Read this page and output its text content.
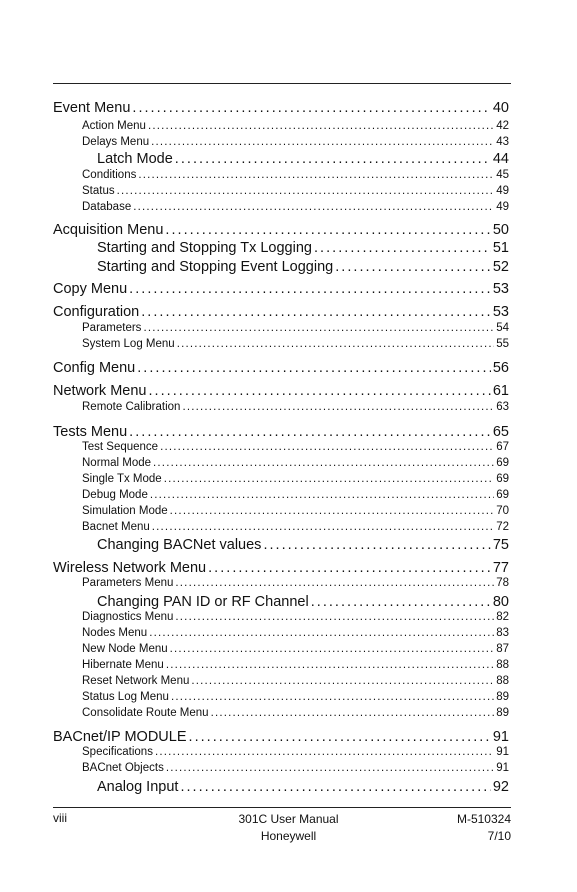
Event Menu . . .	40
Action Menu . . .	42
Delays Menu . . .	43
Latch Mode . . .	44
Conditions . . .	45
Status . . .	49
Database . . .	49
Acquisition Menu . . .	50
Starting and Stopping Tx Logging . . .	51
Starting and Stopping Event Logging . . .	52
Copy Menu . . .	53
Configuration . . .	53
Parameters . . .	54
System Log Menu . . .	55
Config Menu . . .	56
Network Menu . . .	61
Remote Calibration . . .	63
Tests Menu . . .	65
Test Sequence . . .	67
Normal Mode . . .	69
Single Tx Mode . . .	69
Debug Mode . . .	69
Simulation Mode . . .	70
Bacnet Menu . . .	72
Changing BACNet values . . .	75
Wireless Network Menu . . .	77
Parameters Menu . . .	78
Changing PAN ID or RF Channel . . .	80
Diagnostics Menu . . .	82
Nodes Menu . . .	83
New Node Menu . . .	87
Hibernate Menu . . .	88
Reset Network Menu . . .	88
Status Log Menu . . .	89
Consolidate Route Menu . . .	89
BACnet/IP MODULE . . .	91
Specifications . . .	91
BACnet Objects . . .	91
Analog Input . . .	92
viii	301C User Manual
Honeywell
M-510324
7/10
